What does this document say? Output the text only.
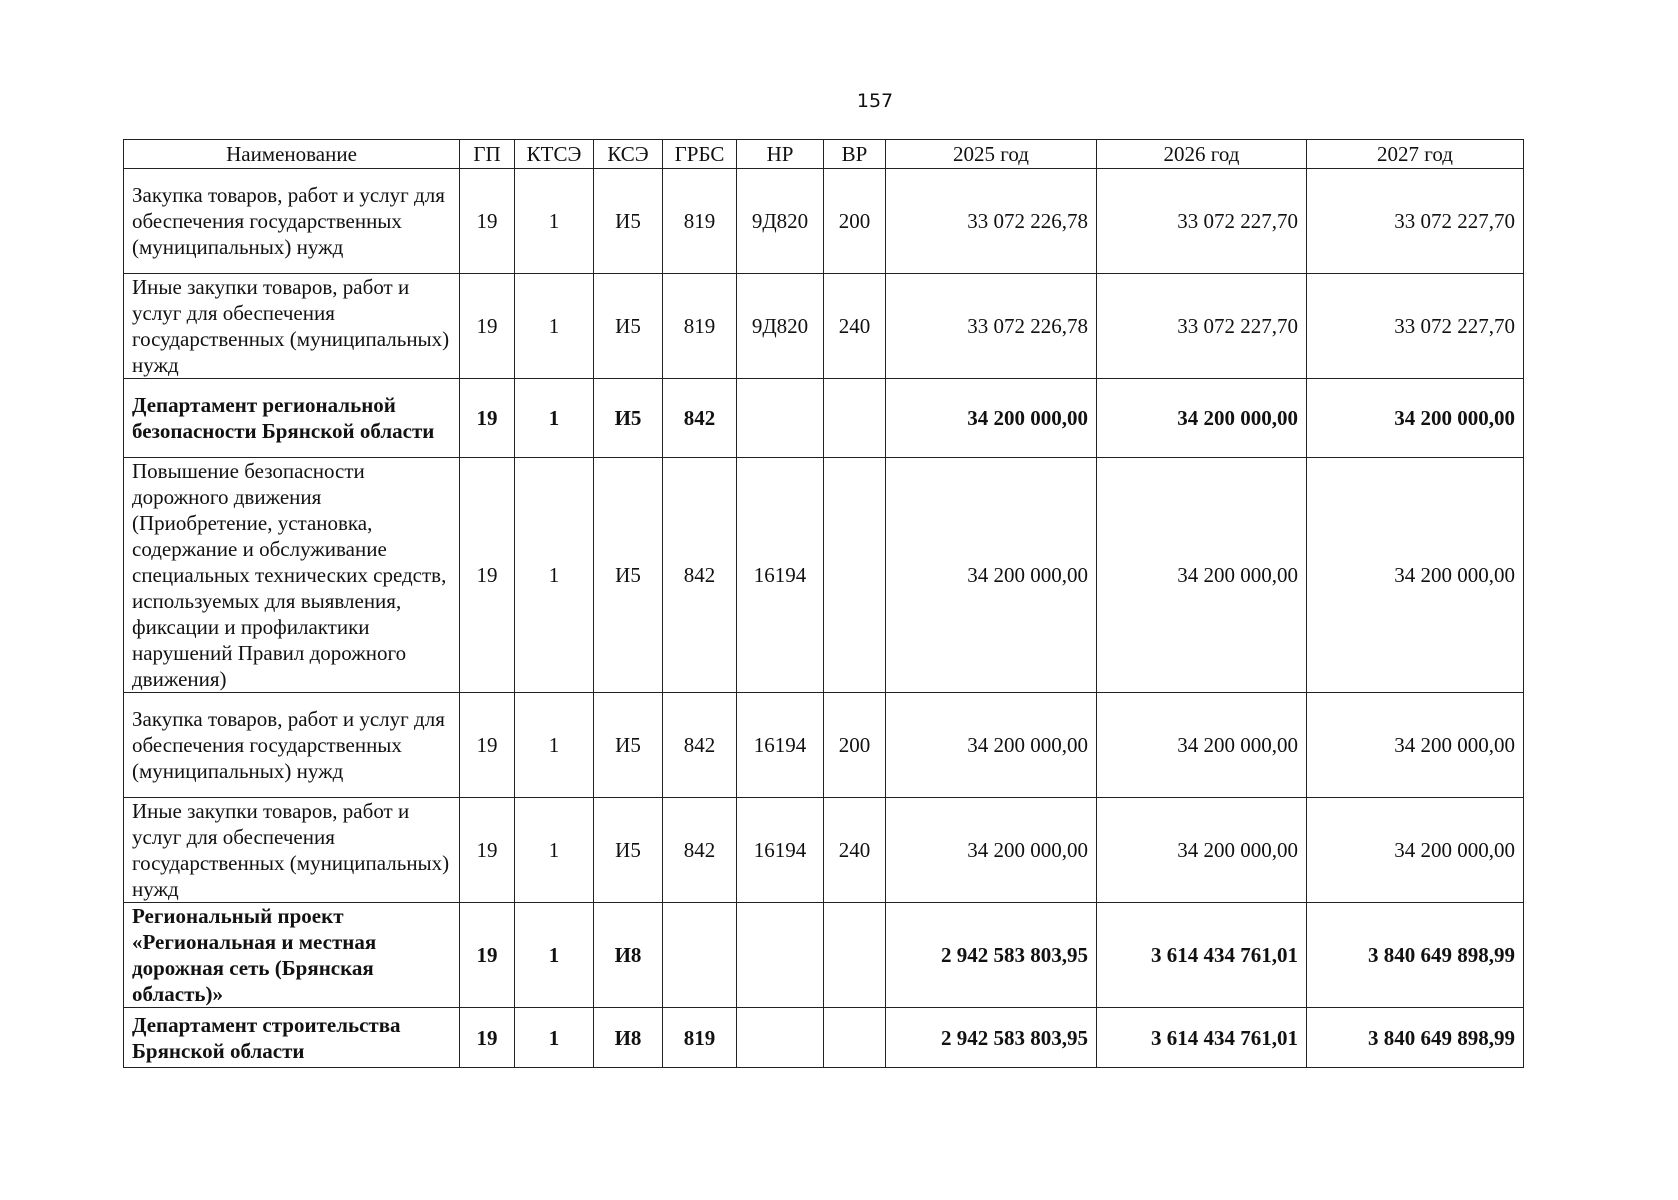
157
Наименование	ГП	КТСЭ	КСЭ	ГРБС	НР	ВР	2025 год	2026 год	2027 год
Закупка товаров, работ и услуг для обеспечения государственных (муниципальных) нужд	19	1	И5	819	9Д820	200	33 072 226,78	33 072 227,70	33 072 227,70
Иные закупки товаров, работ и услуг для обеспечения государственных (муниципальных) нужд	19	1	И5	819	9Д820	240	33 072 226,78	33 072 227,70	33 072 227,70
Департамент региональной безопасности Брянской области	19	1	И5	842			34 200 000,00	34 200 000,00	34 200 000,00
Повышение безопасности дорожного движения (Приобретение, установка, содержание и обслуживание специальных технических средств, используемых для выявления, фиксации и профилактики нарушений Правил дорожного движения)	19	1	И5	842	16194		34 200 000,00	34 200 000,00	34 200 000,00
Закупка товаров, работ и услуг для обеспечения государственных (муниципальных) нужд	19	1	И5	842	16194	200	34 200 000,00	34 200 000,00	34 200 000,00
Иные закупки товаров, работ и услуг для обеспечения государственных (муниципальных) нужд	19	1	И5	842	16194	240	34 200 000,00	34 200 000,00	34 200 000,00
Региональный проект «Региональная и местная дорожная сеть (Брянская область)»	19	1	И8				2 942 583 803,95	3 614 434 761,01	3 840 649 898,99
Департамент строительства Брянской области	19	1	И8	819			2 942 583 803,95	3 614 434 761,01	3 840 649 898,99
